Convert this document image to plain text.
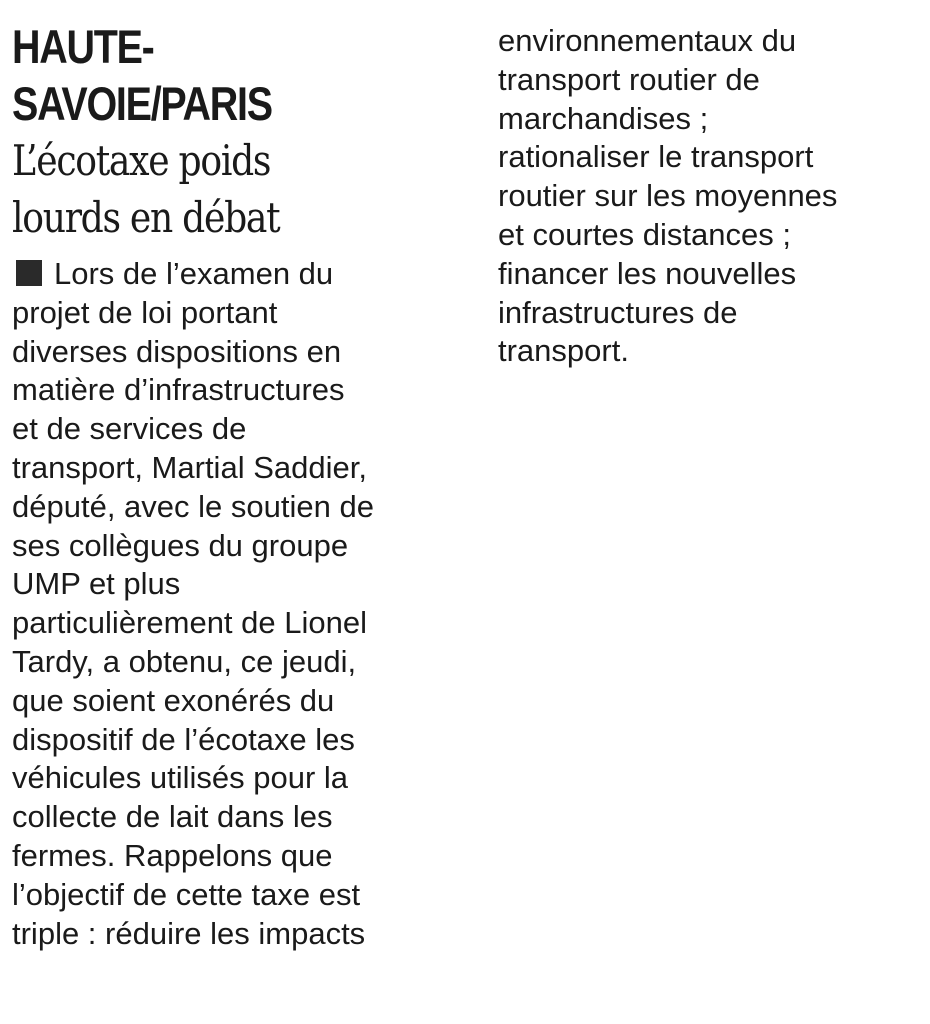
HAUTE-
SAVOIE/PARIS
L’écotaxe poids
lourds en débat
Lors de l’examen du
projet de loi portant
diverses dispositions en
matière d’infrastructures
et de services de
transport, Martial Saddier,
député, avec le soutien de
ses collègues du groupe
UMP et plus
particulièrement de Lionel
Tardy, a obtenu, ce jeudi,
que soient exonérés du
dispositif de l’écotaxe les
véhicules utilisés pour la
collecte de lait dans les
fermes. Rappelons que
l’objectif de cette taxe est
triple : réduire les impacts
environnementaux du
transport routier de
marchandises ;
rationaliser le transport
routier sur les moyennes
et courtes distances ;
financer les nouvelles
infrastructures de
transport.
